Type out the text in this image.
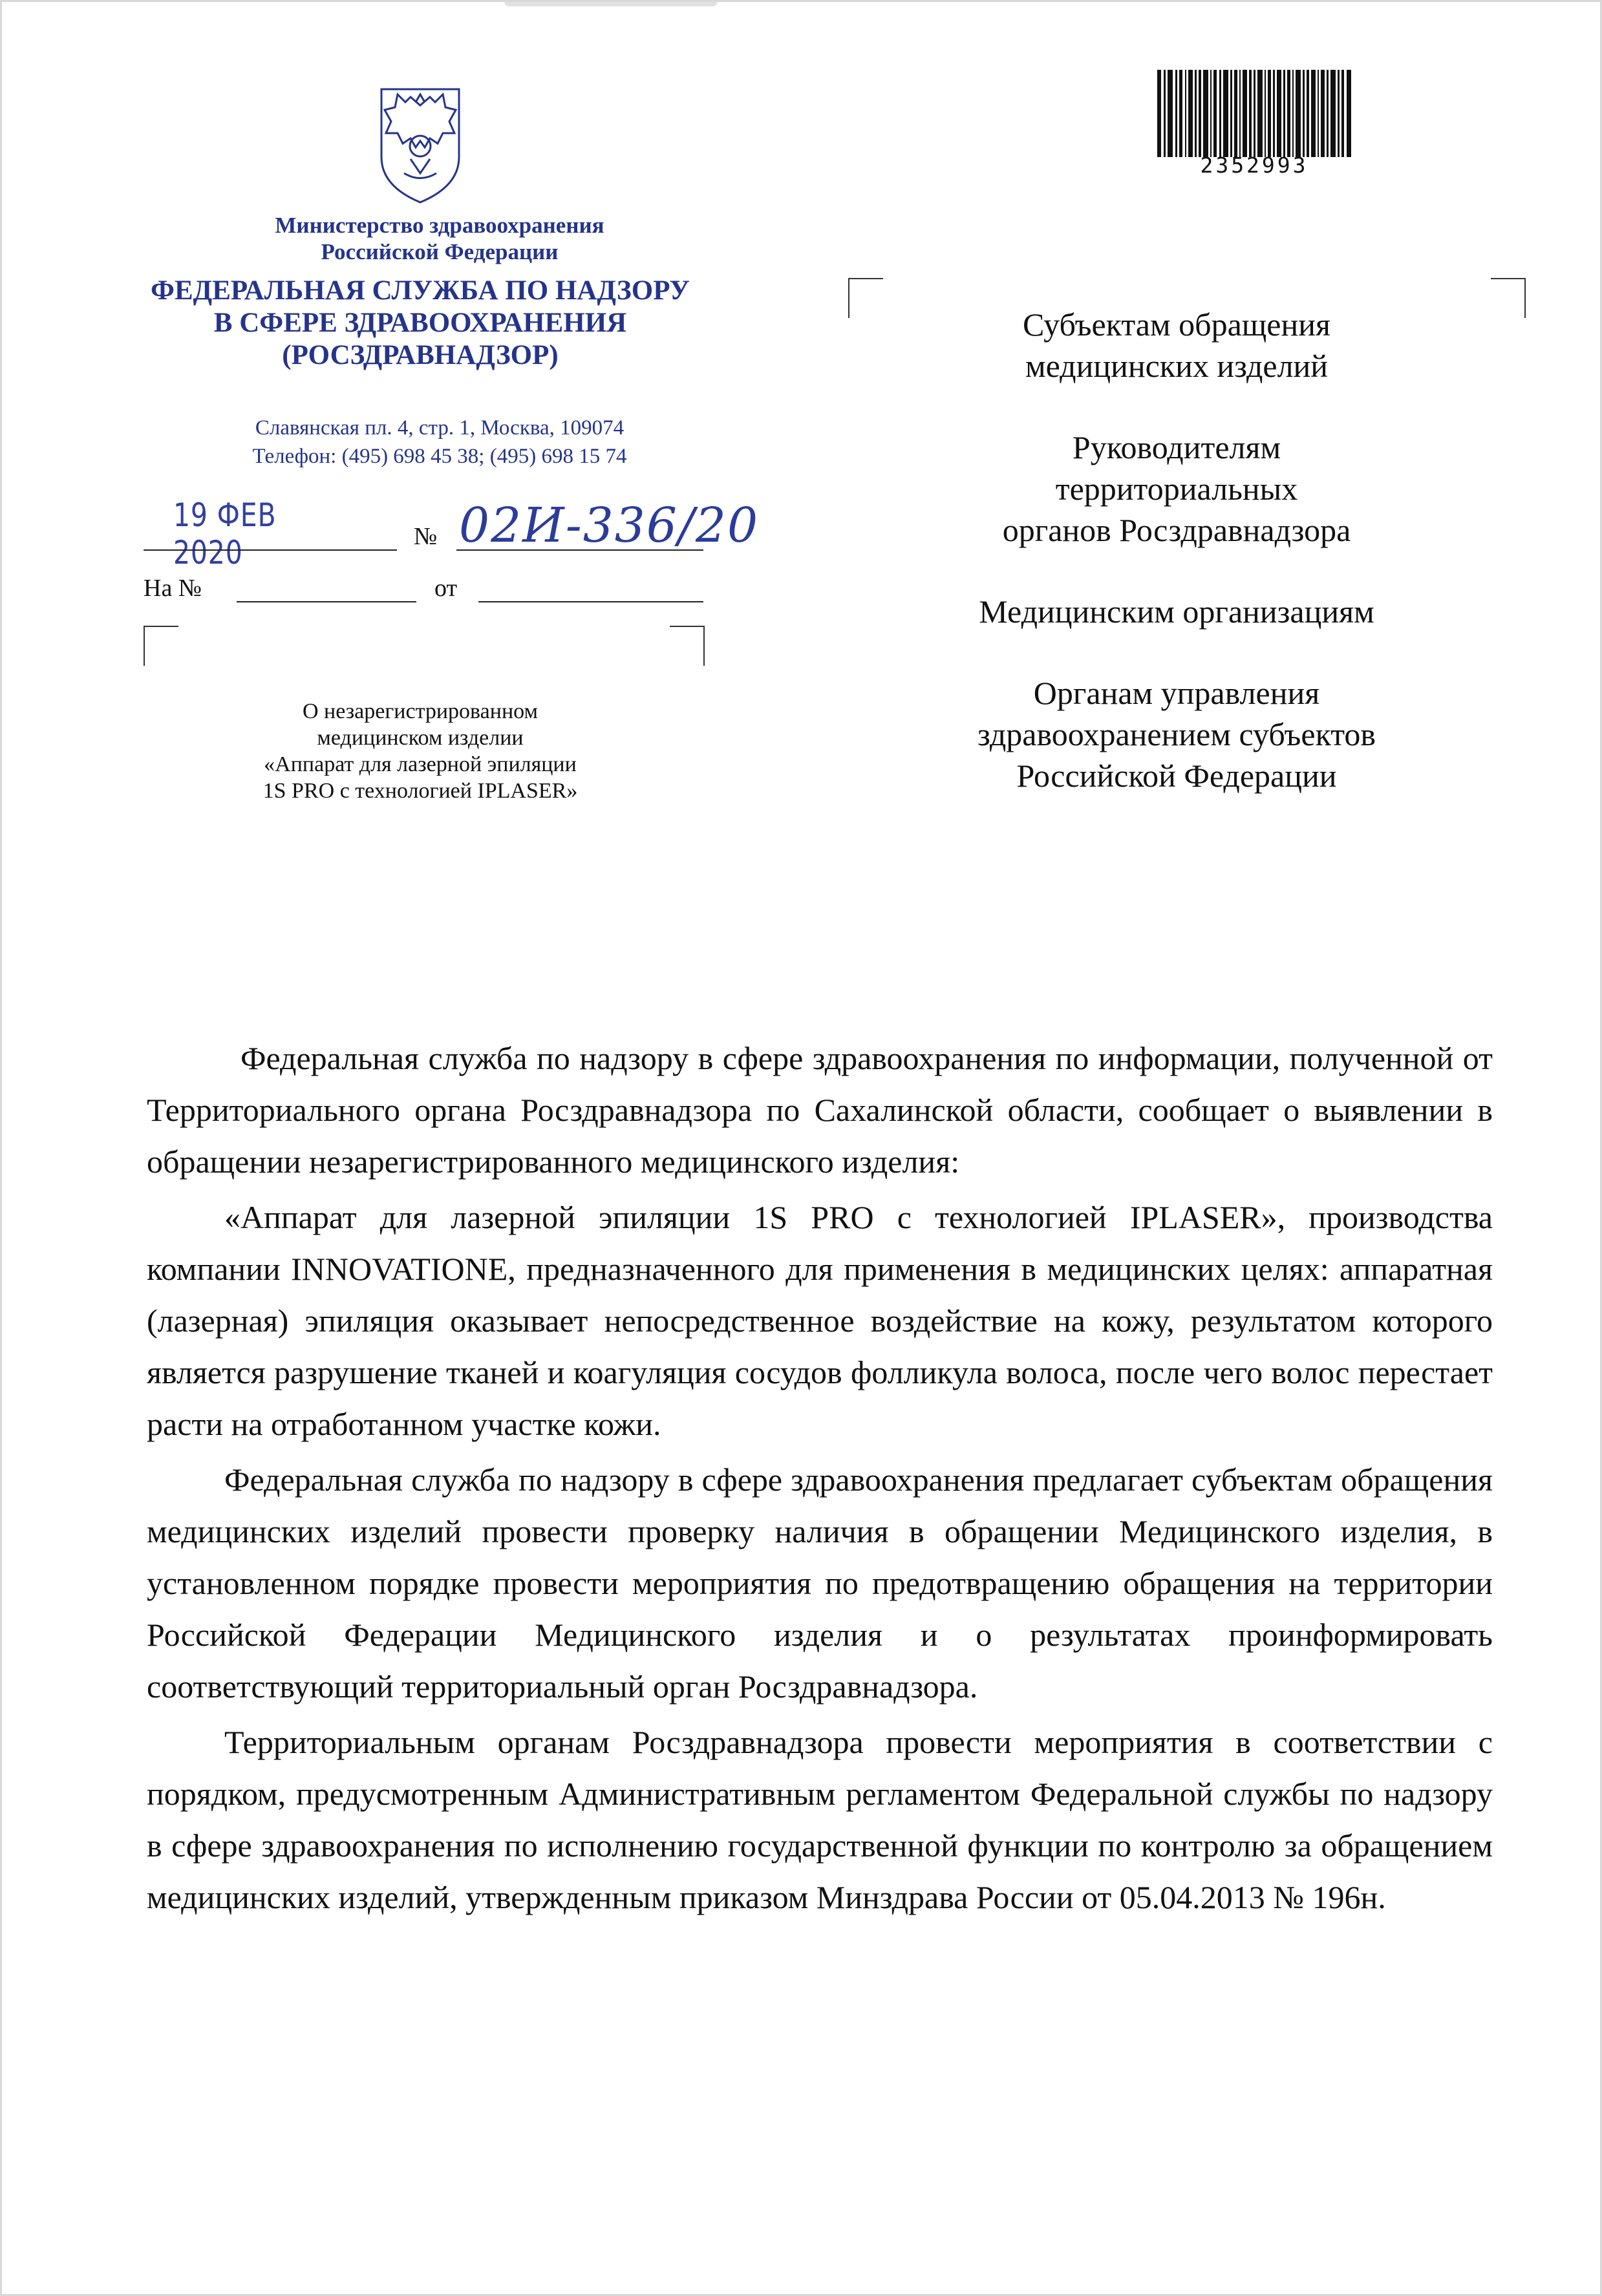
2352993
Министерство здравоохранения
Российской Федерации
ФЕДЕРАЛЬНАЯ СЛУЖБА ПО НАДЗОРУ
В СФЕРЕ ЗДРАВООХРАНЕНИЯ
(РОСЗДРАВНАДЗОР)
Славянская пл. 4, стр. 1, Москва, 109074
Телефон: (495) 698 45 38; (495) 698 15 74
19 ФЕВ 2020	№ 02И-336/20
На №	от
О незарегистрированном
медицинском изделии
«Аппарат для лазерной эпиляции
1S PRO с технологией IPLASER»

Субъектам обращения
медицинских изделий

Руководителям
территориальных
органов Росздравнадзора

Медицинским организациям

Органам управления
здравоохранением субъектов
Российской Федерации

Федеральная служба по надзору в сфере здравоохранения по информации, полученной от Территориального органа Росздравнадзора по Сахалинской области, сообщает о выявлении в обращении незарегистрированного медицинского изделия:

«Аппарат для лазерной эпиляции 1S PRO с технологией IPLASER», производства компании INNOVATIONE, предназначенного для применения в медицинских целях: аппаратная (лазерная) эпиляция оказывает непосредственное воздействие на кожу, результатом которого является разрушение тканей и коагуляция сосудов фолликула волоса, после чего волос перестает расти на отработанном участке кожи.

Федеральная служба по надзору в сфере здравоохранения предлагает субъектам обращения медицинских изделий провести проверку наличия в обращении Медицинского изделия, в установленном порядке провести мероприятия по предотвращению обращения на территории Российской Федерации Медицинского изделия и о результатах проинформировать соответствующий территориальный орган Росздравнадзора.

Территориальным органам Росздравнадзора провести мероприятия в соответствии с порядком, предусмотренным Административным регламентом Федеральной службы по надзору в сфере здравоохранения по исполнению государственной функции по контролю за обращением медицинских изделий, утвержденным приказом Минздрава России от 05.04.2013 № 196н.
